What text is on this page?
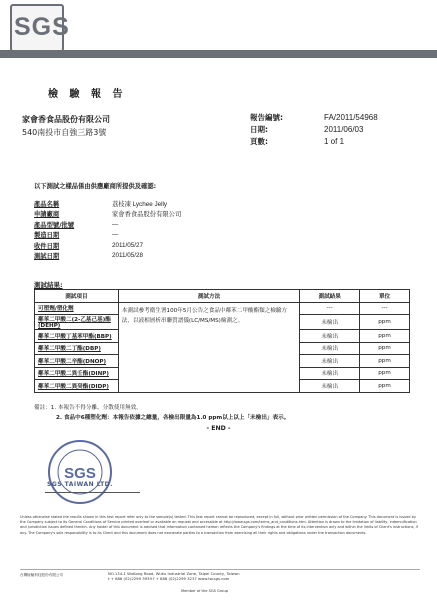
SGS
檢 驗 報 告
家會香食品股份有限公司
540南投市自強三路3號
報告編號:	FA/2011/54968
日期:	2011/06/03
頁數:	1 of 1
以下測試之樣品係由供應廠商所提供及確認:
產品名稱	荔枝凍 Lychee Jelly
申請廠商	家會香食品股份有限公司
產品型號/批號	—
製造日期	—
收件日期	2011/05/27
測試日期	2011/05/28
測試結果:
測試項目	測試方法	測試結果	單位
可塑劑/塑化劑	本測試參考衛生署100年5月公告之食品中鄰苯二甲酸酯類之檢驗方法，以液相層析串聯質譜儀(LC/MS/MS)檢測之。	---	---
鄰苯二甲酸二(2-乙基己基)酯(DEHP)		未檢出	ppm
鄰苯二甲酸丁基苯甲酯(BBP)		未檢出	ppm
鄰苯二甲酸二丁酯(DBP)		未檢出	ppm
鄰苯二甲酸二辛酯(DNOP)		未檢出	ppm
鄰苯二甲酸二異壬酯(DINP)		未檢出	ppm
鄰苯二甲酸二異癸酯(DIDP)		未檢出	ppm
備註：1. 本報告不得分離、分散使用無效。
2. 食品中6種塑化劑：本報告依據之總量，各檢出限量為1.0 ppm以上以上「未檢出」表示。
- END -
SGS
SGS TAIWAN LTD.
Unless otherwise stated the results shown in this test report refer only to the sample(s) tested. This test report cannot be reproduced, except in full, without prior written permission of the Company. This document is issued by the Company subject to its General Conditions of Service printed overleaf or available on request and accessible at http://www.sgs.com/terms_and_conditions.htm. Attention is drawn to the limitation of liability, indemnification and jurisdiction issues defined therein. Any holder of this document is advised that information contained hereon reflects the Company's findings at the time of its intervention only and within the limits of Client's instructions, if any. The Company's sole responsibility is to its Client and this document does not exonerate parties to a transaction from exercising all their rights and obligations under the transaction documents.
台灣檢驗科技股份有限公司	NO.134-1 WuKong Road, Wuku Industrial Zone, Taipei County, Taiwan
t + 886 (02)2299 3939 f + 886 (02)2299 3237 www.tw.sgs.com
Member of the SGS Group
